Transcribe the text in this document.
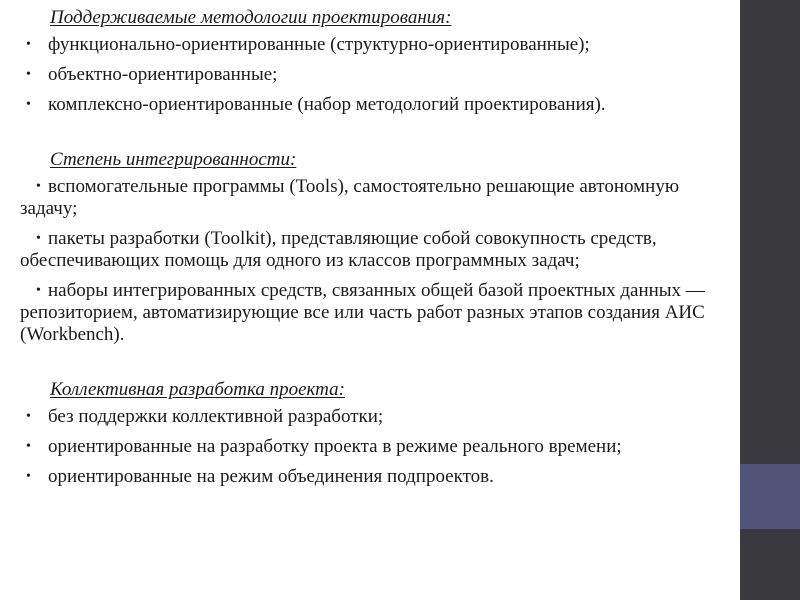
Поддерживаемые методологии проектирования:

• функционально-ориентированные (структурно-ориентированные);
• объектно-ориентированные;
• комплексно-ориентированные (набор методологий проектирования).

Степень интегрированности:

• вспомогательные программы (Tools), самостоятельно решающие автономную задачу;
• пакеты разработки (Toolkit), представляющие собой совокупность средств, обеспечивающих помощь для одного из классов программных задач;
• наборы интегрированных средств, связанных общей базой проектных данных — репозиторием, автоматизирующие все или часть работ разных этапов создания АИС (Workbench).

Коллективная разработка проекта:

• без поддержки коллективной разработки;
• ориентированные на разработку проекта в режиме реального времени;
• ориентированные на режим объединения подпроектов.
